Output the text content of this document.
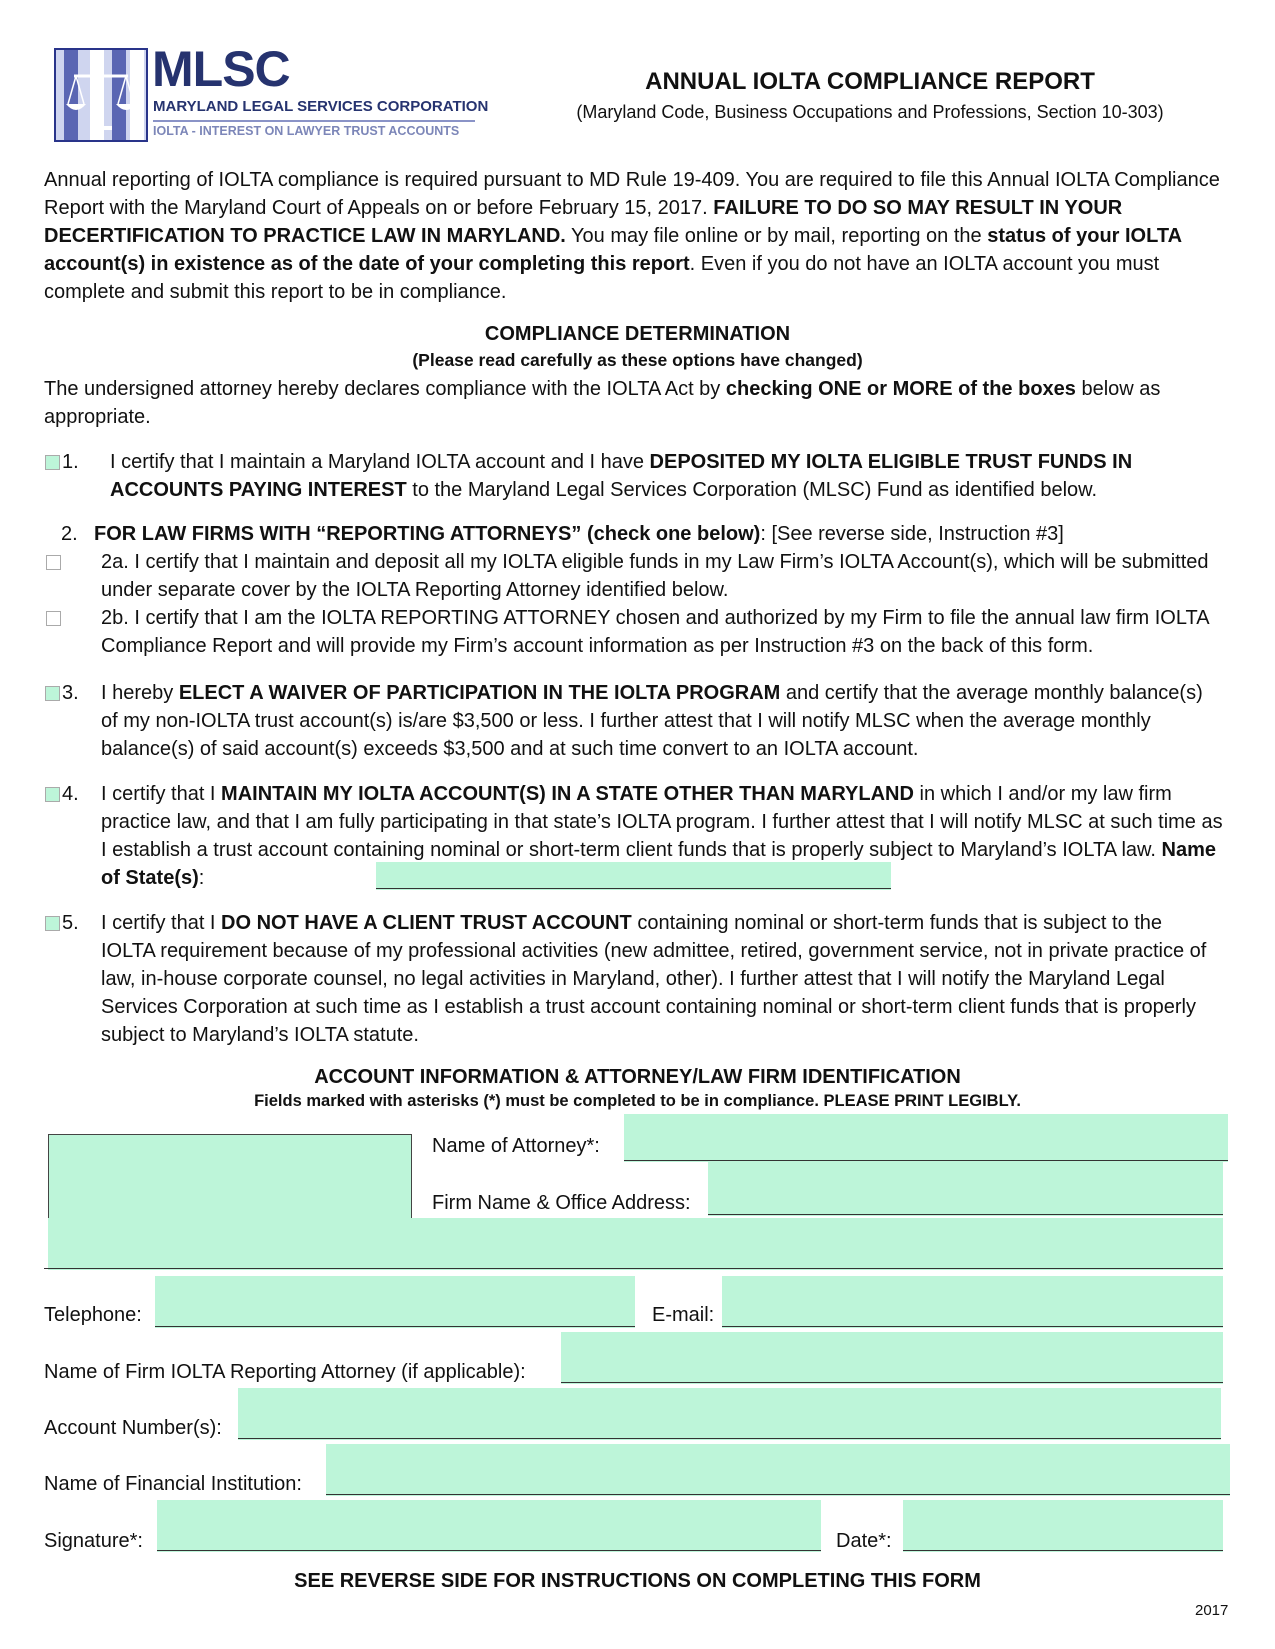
MLSC
MARYLAND LEGAL SERVICES CORPORATION
IOLTA - INTEREST ON LAWYER TRUST ACCOUNTS
ANNUAL IOLTA COMPLIANCE REPORT
(Maryland Code, Business Occupations and Professions, Section 10-303)
Annual reporting of IOLTA compliance is required pursuant to MD Rule 19-409. You are required to file this Annual IOLTA Compliance Report with the Maryland Court of Appeals on or before February 15, 2017. FAILURE TO DO SO MAY RESULT IN YOUR DECERTIFICATION TO PRACTICE LAW IN MARYLAND. You may file online or by mail, reporting on the status of your IOLTA account(s) in existence as of the date of your completing this report. Even if you do not have an IOLTA account you must complete and submit this report to be in compliance.
COMPLIANCE DETERMINATION
(Please read carefully as these options have changed)
The undersigned attorney hereby declares compliance with the IOLTA Act by checking ONE or MORE of the boxes below as appropriate.
1. I certify that I maintain a Maryland IOLTA account and I have DEPOSITED MY IOLTA ELIGIBLE TRUST FUNDS IN ACCOUNTS PAYING INTEREST to the Maryland Legal Services Corporation (MLSC) Fund as identified below.
2. FOR LAW FIRMS WITH “REPORTING ATTORNEYS” (check one below): [See reverse side, Instruction #3]
2a. I certify that I maintain and deposit all my IOLTA eligible funds in my Law Firm’s IOLTA Account(s), which will be submitted under separate cover by the IOLTA Reporting Attorney identified below.
2b. I certify that I am the IOLTA REPORTING ATTORNEY chosen and authorized by my Firm to file the annual law firm IOLTA Compliance Report and will provide my Firm’s account information as per Instruction #3 on the back of this form.
3. I hereby ELECT A WAIVER OF PARTICIPATION IN THE IOLTA PROGRAM and certify that the average monthly balance(s) of my non-IOLTA trust account(s) is/are $3,500 or less. I further attest that I will notify MLSC when the average monthly balance(s) of said account(s) exceeds $3,500 and at such time convert to an IOLTA account.
4. I certify that I MAINTAIN MY IOLTA ACCOUNT(S) IN A STATE OTHER THAN MARYLAND in which I and/or my law firm practice law, and that I am fully participating in that state’s IOLTA program. I further attest that I will notify MLSC at such time as I establish a trust account containing nominal or short-term client funds that is properly subject to Maryland’s IOLTA law. Name of State(s):
5. I certify that I DO NOT HAVE A CLIENT TRUST ACCOUNT containing nominal or short-term funds that is subject to the IOLTA requirement because of my professional activities (new admittee, retired, government service, not in private practice of law, in-house corporate counsel, no legal activities in Maryland, other). I further attest that I will notify the Maryland Legal Services Corporation at such time as I establish a trust account containing nominal or short-term client funds that is properly subject to Maryland’s IOLTA statute.
ACCOUNT INFORMATION & ATTORNEY/LAW FIRM IDENTIFICATION
Fields marked with asterisks (*) must be completed to be in compliance. PLEASE PRINT LEGIBLY.
Name of Attorney*:
Firm Name & Office Address:
Telephone:	E-mail:
Name of Firm IOLTA Reporting Attorney (if applicable):
Account Number(s):
Name of Financial Institution:
Signature*:	Date*:
SEE REVERSE SIDE FOR INSTRUCTIONS ON COMPLETING THIS FORM
2017
